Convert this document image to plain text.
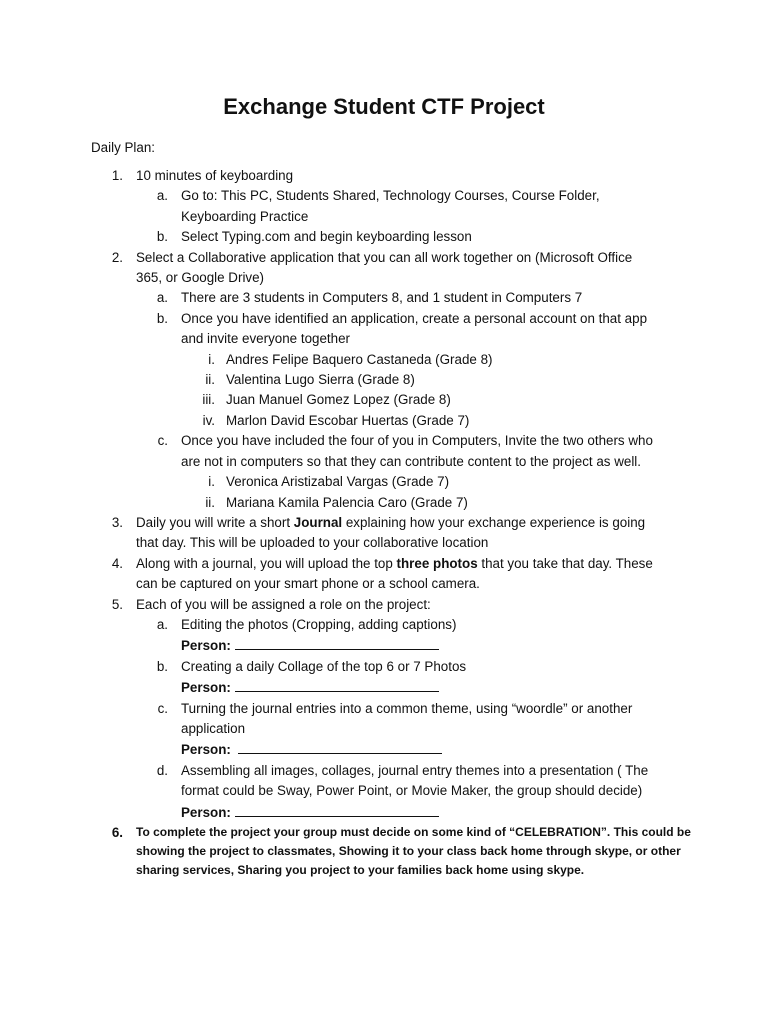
Exchange Student CTF Project
Daily Plan:
1. 10 minutes of keyboarding
a. Go to: This PC, Students Shared, Technology Courses, Course Folder,
Keyboarding Practice
b. Select Typing.com and begin keyboarding lesson
2. Select a Collaborative application that you can all work together on (Microsoft Office
365, or Google Drive)
a. There are 3 students in Computers 8, and 1 student in Computers 7
b. Once you have identified an application, create a personal account on that app
and invite everyone together
i. Andres Felipe Baquero Castaneda (Grade 8)
ii. Valentina Lugo Sierra (Grade 8)
iii. Juan Manuel Gomez Lopez (Grade 8)
iv. Marlon David Escobar Huertas (Grade 7)
c. Once you have included the four of you in Computers, Invite the two others who
are not in computers so that they can contribute content to the project as well.
i. Veronica Aristizabal Vargas (Grade 7)
ii. Mariana Kamila Palencia Caro (Grade 7)
3. Daily you will write a short Journal explaining how your exchange experience is going
that day. This will be uploaded to your collaborative location
4. Along with a journal, you will upload the top three photos that you take that day. These
can be captured on your smart phone or a school camera.
5. Each of you will be assigned a role on the project:
a. Editing the photos (Cropping, adding captions)
Person:
b. Creating a daily Collage of the top 6 or 7 Photos
Person:
c. Turning the journal entries into a common theme, using “woordle” or another
application
Person:
d. Assembling all images, collages, journal entry themes into a presentation ( The
format could be Sway, Power Point, or Movie Maker, the group should decide)
Person:
6. To complete the project your group must decide on some kind of “CELEBRATION”. This could be
showing the project to classmates, Showing it to your class back home through skype, or other
sharing services, Sharing you project to your families back home using skype.
